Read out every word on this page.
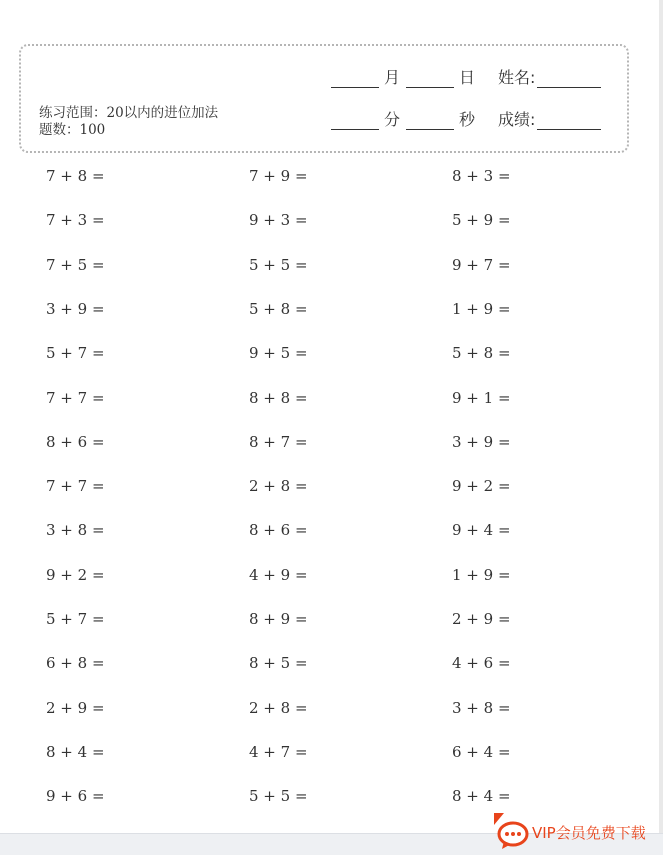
练习范围：20以内的进位加法 题数：100
月	日 姓名:
分	秒 成绩:
7 + 8 =	7 + 9 =	8 + 3 =
7 + 3 =	9 + 3 =	5 + 9 =
7 + 5 =	5 + 5 =	9 + 7 =
3 + 9 =	5 + 8 =	1 + 9 =
5 + 7 =	9 + 5 =	5 + 8 =
7 + 7 =	8 + 8 =	9 + 1 =
8 + 6 =	8 + 7 =	3 + 9 =
7 + 7 =	2 + 8 =	9 + 2 =
3 + 8 =	8 + 6 =	9 + 4 =
9 + 2 =	4 + 9 =	1 + 9 =
5 + 7 =	8 + 9 =	2 + 9 =
6 + 8 =	8 + 5 =	4 + 6 =
2 + 9 =	2 + 8 =	3 + 8 =
8 + 4 =	4 + 7 =	6 + 4 =
9 + 6 =	5 + 5 =	8 + 4 =
VIP会员免费下载
